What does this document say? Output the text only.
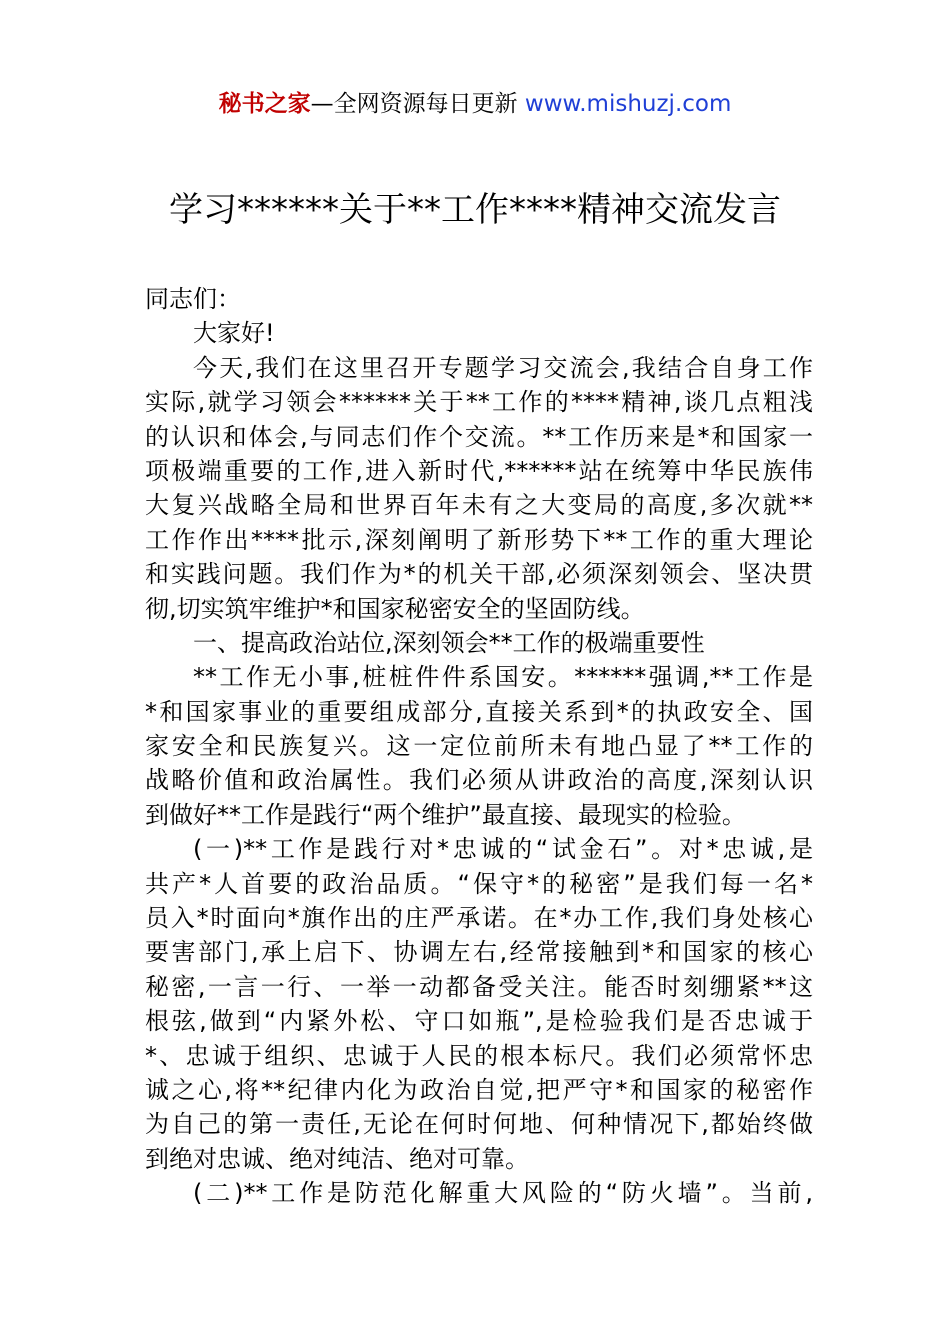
秘书之家—全网资源每日更新 www.mishuzj.com
学习******关于**工作****精神交流发言
同志们：
大家好!
今天,我们在这里召开专题学习交流会,我结合自身工作
实际,就学习领会******关于**工作的****精神,谈几点粗浅
的认识和体会,与同志们作个交流。**工作历来是*和国家一
项极端重要的工作,进入新时代,******站在统筹中华民族伟
大复兴战略全局和世界百年未有之大变局的高度,多次就**
工作作出****批示,深刻阐明了新形势下**工作的重大理论
和实践问题。我们作为*的机关干部,必须深刻领会、坚决贯
彻,切实筑牢维护*和国家秘密安全的坚固防线。
一、提高政治站位,深刻领会**工作的极端重要性
**工作无小事,桩桩件件系国安。******强调,**工作是
*和国家事业的重要组成部分,直接关系到*的执政安全、国
家安全和民族复兴。这一定位前所未有地凸显了**工作的
战略价值和政治属性。我们必须从讲政治的高度,深刻认识
到做好**工作是践行“两个维护”最直接、最现实的检验。
(一)**工作是践行对*忠诚的“试金石”。对*忠诚,是
共产*人首要的政治品质。“保守*的秘密”是我们每一名*
员入*时面向*旗作出的庄严承诺。在*办工作,我们身处核心
要害部门,承上启下、协调左右,经常接触到*和国家的核心
秘密,一言一行、一举一动都备受关注。能否时刻绷紧**这
根弦,做到“内紧外松、守口如瓶”,是检验我们是否忠诚于
*、忠诚于组织、忠诚于人民的根本标尺。我们必须常怀忠
诚之心,将**纪律内化为政治自觉,把严守*和国家的秘密作
为自己的第一责任,无论在何时何地、何种情况下,都始终做
到绝对忠诚、绝对纯洁、绝对可靠。
(二)**工作是防范化解重大风险的“防火墙”。当前,
